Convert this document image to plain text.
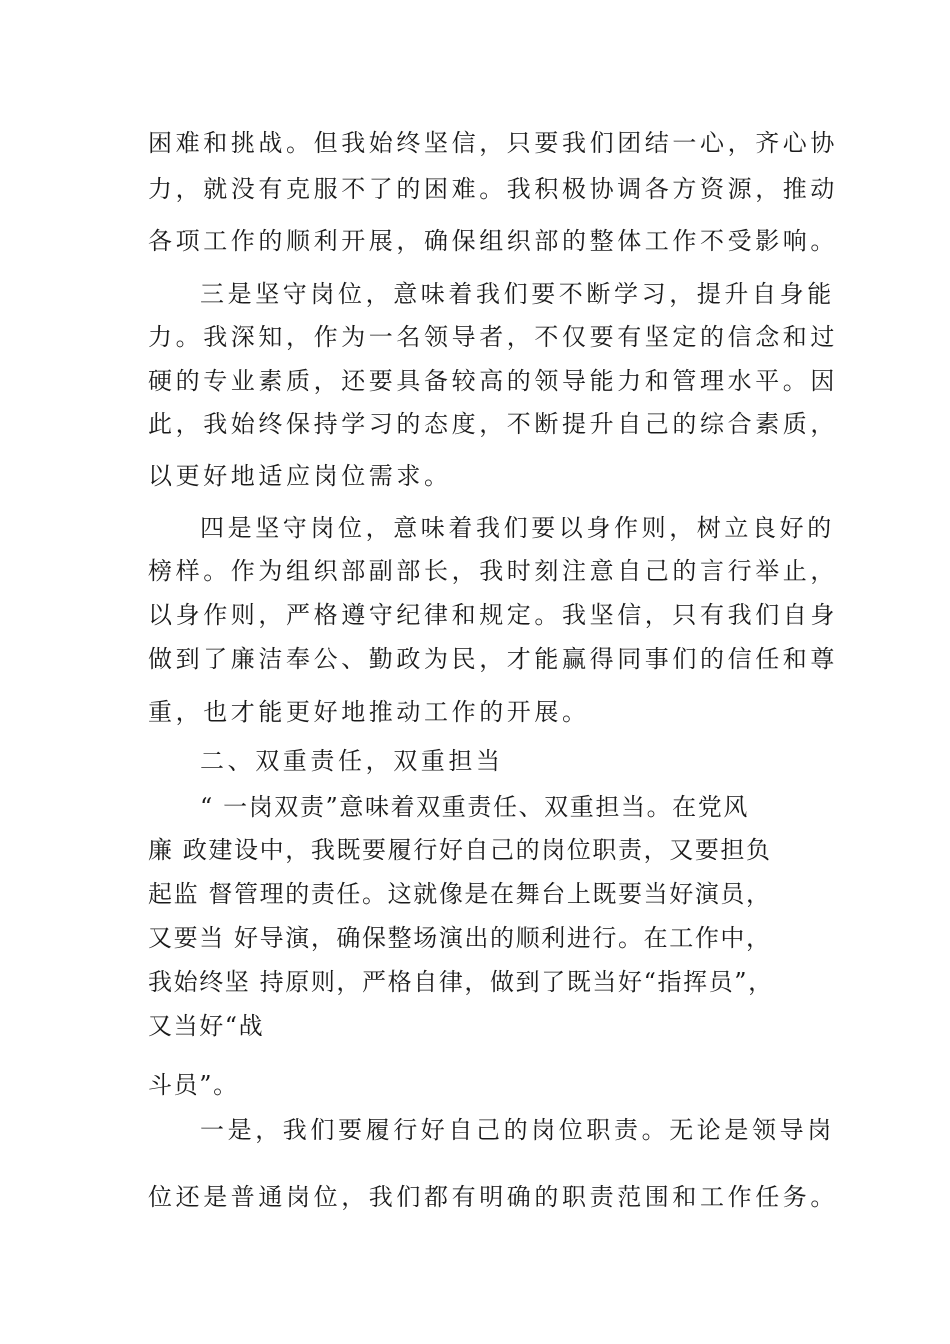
困难和挑战。但我始终坚信，只要我们团结一心，齐心协
力，就没有克服不了的困难。我积极协调各方资源，推动
各项工作的顺利开展，确保组织部的整体工作不受影响。
三是坚守岗位，意味着我们要不断学习，提升自身能
力。我深知，作为一名领导者，不仅要有坚定的信念和过
硬的专业素质，还要具备较高的领导能力和管理水平。因
此，我始终保持学习的态度，不断提升自己的综合素质，
以更好地适应岗位需求。
四是坚守岗位，意味着我们要以身作则，树立良好的
榜样。作为组织部副部长，我时刻注意自己的言行举止，
以身作则，严格遵守纪律和规定。我坚信，只有我们自身
做到了廉洁奉公、勤政为民，才能赢得同事们的信任和尊
重，也才能更好地推动工作的开展。
二、双重责任，双重担当
“ 一岗双责”意味着双重责任、双重担当。在党风
廉 政建设中，我既要履行好自己的岗位职责，又要担负
起监 督管理的责任。这就像是在舞台上既要当好演员，
又要当 好导演，确保整场演出的顺利进行。在工作中，
我始终坚 持原则，严格自律，做到了既当好“指挥员”，
又当好“战
斗员”。
一是，我们要履行好自己的岗位职责。无论是领导岗
位还是普通岗位，我们都有明确的职责范围和工作任务。
